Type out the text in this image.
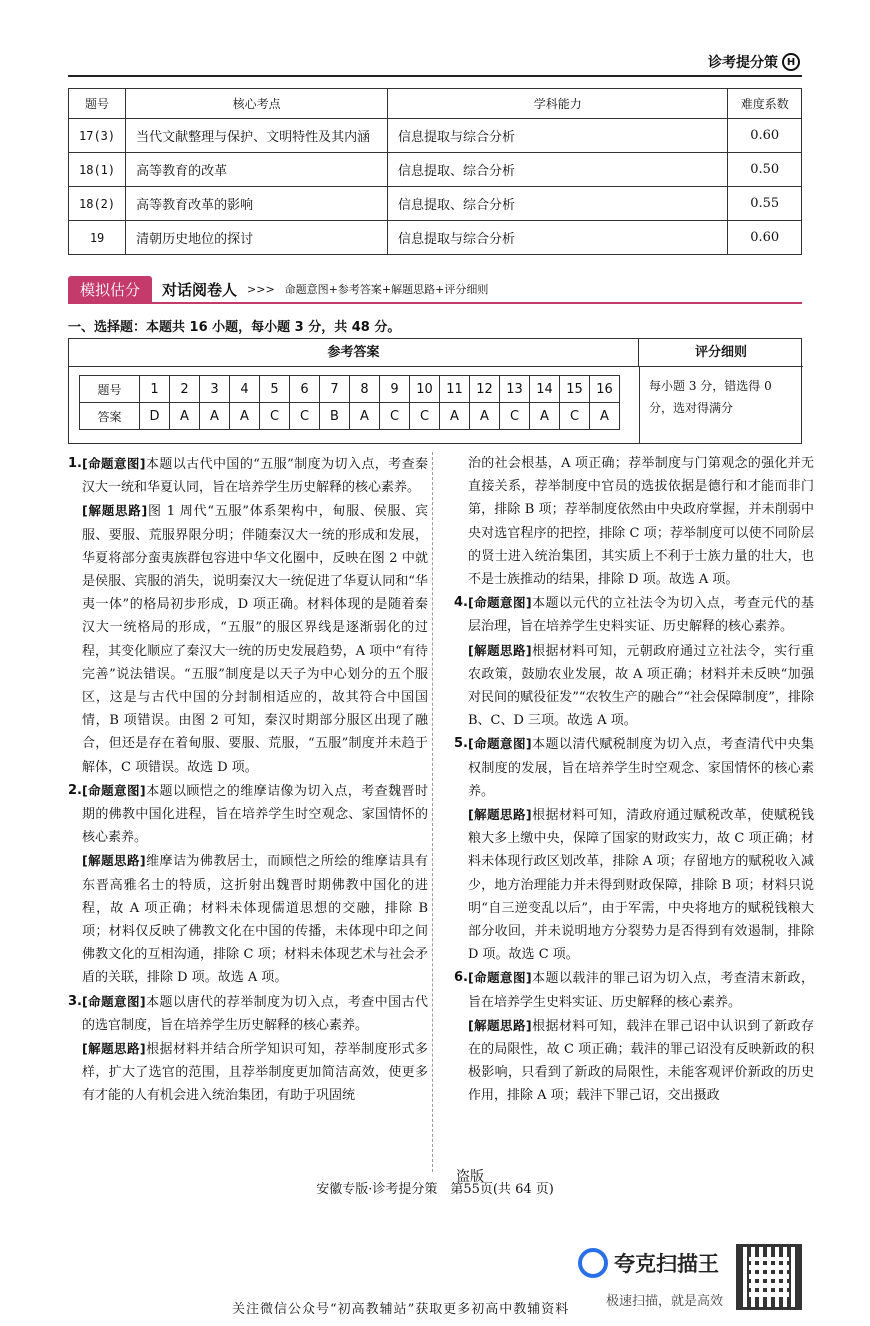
诊考提分策 H
题号	核心考点	学科能力	难度系数
17(3)	当代文献整理与保护、文明特性及其内涵	信息提取与综合分析	0.60
18(1)	高等教育的改革	信息提取、综合分析	0.50
18(2)	高等教育改革的影响	信息提取、综合分析	0.55
19	清朝历史地位的探讨	信息提取与综合分析	0.60
模拟估分	对话阅卷人 >>> 命题意图+参考答案+解题思路+评分细则
一、选择题：本题共 16 小题，每小题 3 分，共 48 分。
参考答案	评分细则
题号	1	2	3	4	5	6	7	8	9	10	11	12	13	14	15	16
答案	D	A	A	A	C	C	B	A	C	C	A	A	C	A	C	A
每小题 3 分，错选得 0 分，选对得满分
1. [命题意图]本题以古代中国的“五服”制度为切入点，考查秦汉大一统和华夏认同，旨在培养学生历史解释的核心素养。
[解题思路]图 1 周代“五服”体系架构中，甸服、侯服、宾服、要服、荒服界限分明；伴随秦汉大一统的形成和发展，华夏将部分蛮夷族群包容进中华文化圈中，反映在图 2 中就是侯服、宾服的消失，说明秦汉大一统促进了华夏认同和“华夷一体”的格局初步形成，D 项正确。材料体现的是随着秦汉大一统格局的形成，“五服”的服区界线是逐渐弱化的过程，其变化顺应了秦汉大一统的历史发展趋势，A 项中“有待完善”说法错误。“五服”制度是以天子为中心划分的五个服区，这是与古代中国的分封制相适应的，故其符合中国国情，B 项错误。由图 2 可知，秦汉时期部分服区出现了融合，但还是存在着甸服、要服、荒服，“五服”制度并未趋于解体，C 项错误。故选 D 项。
2. [命题意图]本题以顾恺之的维摩诘像为切入点，考查魏晋时期的佛教中国化进程，旨在培养学生时空观念、家国情怀的核心素养。
[解题思路]维摩诘为佛教居士，而顾恺之所绘的维摩诘具有东晋高雅名士的特质，这折射出魏晋时期佛教中国化的进程，故 A 项正确；材料未体现儒道思想的交融，排除 B 项；材料仅反映了佛教文化在中国的传播，未体现中印之间佛教文化的互相沟通，排除 C 项；材料未体现艺术与社会矛盾的关联，排除 D 项。故选 A 项。
3. [命题意图]本题以唐代的荐举制度为切入点，考查中国古代的选官制度，旨在培养学生历史解释的核心素养。
[解题思路]根据材料并结合所学知识可知，荐举制度形式多样，扩大了选官的范围，且荐举制度更加简洁高效，使更多有才能的人有机会进入统治集团，有助于巩固统
治的社会根基，A 项正确；荐举制度与门第观念的强化并无直接关系，荐举制度中官员的选拔依据是德行和才能而非门第，排除 B 项；荐举制度依然由中央政府掌握，并未削弱中央对选官程序的把控，排除 C 项；荐举制度可以使不同阶层的贤士进入统治集团，其实质上不利于士族力量的壮大，也不是士族推动的结果，排除 D 项。故选 A 项。
4. [命题意图]本题以元代的立社法令为切入点，考查元代的基层治理，旨在培养学生史料实证、历史解释的核心素养。
[解题思路]根据材料可知，元朝政府通过立社法令，实行重农政策，鼓励农业发展，故 A 项正确；材料并未反映“加强对民间的赋役征发”“农牧生产的融合”“社会保障制度”，排除 B、C、D 三项。故选 A 项。
5. [命题意图]本题以清代赋税制度为切入点，考查清代中央集权制度的发展，旨在培养学生时空观念、家国情怀的核心素养。
[解题思路]根据材料可知，清政府通过赋税改革，使赋税钱粮大多上缴中央，保障了国家的财政实力，故 C 项正确；材料未体现行政区划改革，排除 A 项；存留地方的赋税收入减少，地方治理能力并未得到财政保障，排除 B 项；材料只说明“自三逆变乱以后”，由于军需，中央将地方的赋税钱粮大部分收回，并未说明地方分裂势力是否得到有效遏制，排除 D 项。故选 C 项。
6. [命题意图]本题以载沣的罪己诏为切入点，考查清末新政，旨在培养学生史料实证、历史解释的核心素养。
[解题思路]根据材料可知，载沣在罪己诏中认识到了新政存在的局限性，故 C 项正确；载沣的罪己诏没有反映新政的积极影响，只看到了新政的局限性，未能客观评价新政的历史作用，排除 A 项；载沣下罪己诏，交出摄政
盗版
安徽专版·诊考提分策　第55页(共 64 页)
夸克扫描王
极速扫描，就是高效
关注微信公众号“初高教辅站”获取更多初高中教辅资料
